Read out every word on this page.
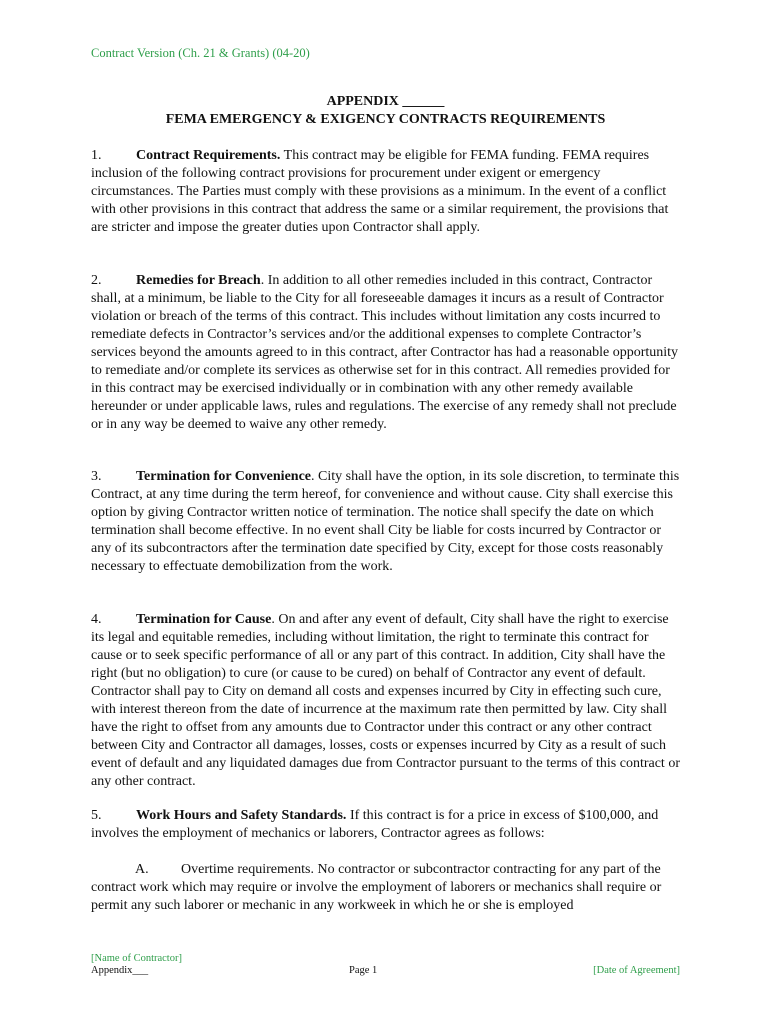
Contract Version (Ch. 21 & Grants) (04-20)
APPENDIX ______
FEMA EMERGENCY & EXIGENCY CONTRACTS REQUIREMENTS

1. Contract Requirements. This contract may be eligible for FEMA funding. FEMA requires inclusion of the following contract provisions for procurement under exigent or emergency circumstances. The Parties must comply with these provisions as a minimum. In the event of a conflict with other provisions in this contract that address the same or a similar requirement, the provisions that are stricter and impose the greater duties upon Contractor shall apply.

2. Remedies for Breach. In addition to all other remedies included in this contract, Contractor shall, at a minimum, be liable to the City for all foreseeable damages it incurs as a result of Contractor violation or breach of the terms of this contract. This includes without limitation any costs incurred to remediate defects in Contractor’s services and/or the additional expenses to complete Contractor’s services beyond the amounts agreed to in this contract, after Contractor has had a reasonable opportunity to remediate and/or complete its services as otherwise set for in this contract. All remedies provided for in this contract may be exercised individually or in combination with any other remedy available hereunder or under applicable laws, rules and regulations. The exercise of any remedy shall not preclude or in any way be deemed to waive any other remedy.

3. Termination for Convenience. City shall have the option, in its sole discretion, to terminate this Contract, at any time during the term hereof, for convenience and without cause. City shall exercise this option by giving Contractor written notice of termination. The notice shall specify the date on which termination shall become effective. In no event shall City be liable for costs incurred by Contractor or any of its subcontractors after the termination date specified by City, except for those costs reasonably necessary to effectuate demobilization from the work.

4. Termination for Cause. On and after any event of default, City shall have the right to exercise its legal and equitable remedies, including without limitation, the right to terminate this contract for cause or to seek specific performance of all or any part of this contract. In addition, City shall have the right (but no obligation) to cure (or cause to be cured) on behalf of Contractor any event of default. Contractor shall pay to City on demand all costs and expenses incurred by City in effecting such cure, with interest thereon from the date of incurrence at the maximum rate then permitted by law. City shall have the right to offset from any amounts due to Contractor under this contract or any other contract between City and Contractor all damages, losses, costs or expenses incurred by City as a result of such event of default and any liquidated damages due from Contractor pursuant to the terms of this contract or any other contract.

5. Work Hours and Safety Standards. If this contract is for a price in excess of $100,000, and involves the employment of mechanics or laborers, Contractor agrees as follows:

A. Overtime requirements. No contractor or subcontractor contracting for any part of the contract work which may require or involve the employment of laborers or mechanics shall require or permit any such laborer or mechanic in any workweek in which he or she is employed

[Name of Contractor]
Appendix___	Page 1	[Date of Agreement]
